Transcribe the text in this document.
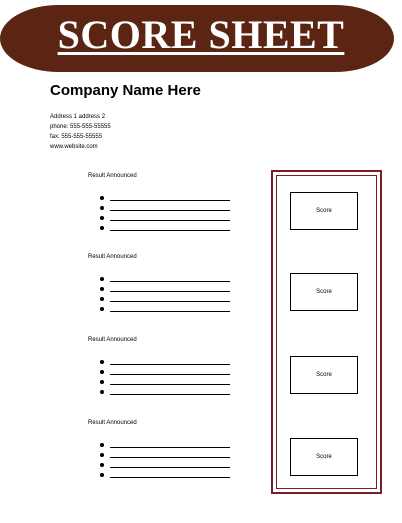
SCORE SHEET
Company Name Here
Address 1 address 2
phone: 555-555-55555
fax: 555-555-55555
www.website.com
Result Announced
Result Announced
Result Announced
Result Announced
Score
Score
Score
Score
